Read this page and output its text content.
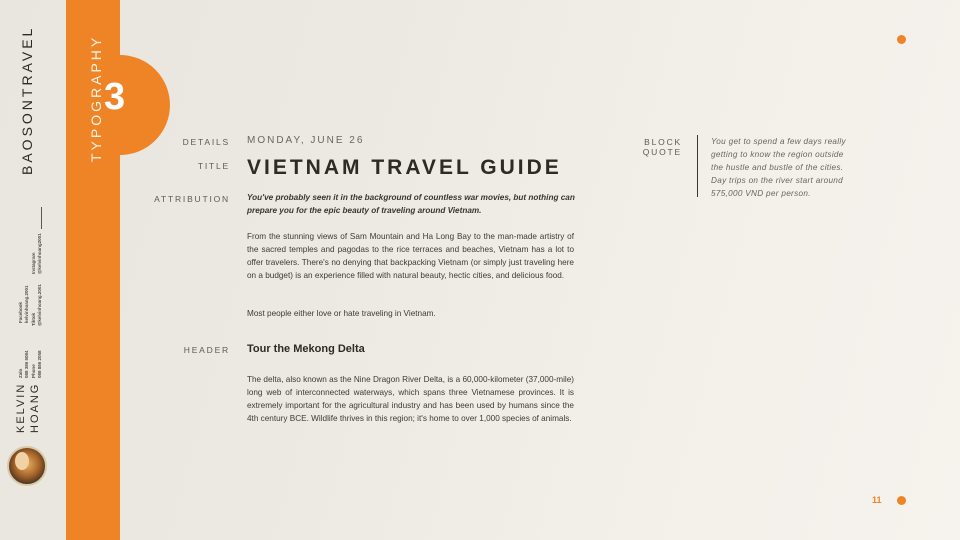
BAOSONTRAVEL
Instagram @kelvinhoang2001
Facebook kelvinhoang.2001 Tiktok @kelvinhoang.2001
Zalo 088 386 5084 Phone 088 886 2058
KELVIN HOANG
TYPOGRAPHY 3
DETAILS
TITLE
ATTRIBUTION
HEADER
BLOCK QUOTE
MONDAY, JUNE 26
VIETNAM TRAVEL GUIDE
You've probably seen it in the background of countless war movies, but nothing can prepare you for the epic beauty of traveling around Vietnam.
From the stunning views of Sam Mountain and Ha Long Bay to the man-made artistry of the sacred temples and pagodas to the rice terraces and beaches, Vietnam has a lot to offer travelers. There's no denying that backpacking Vietnam (or simply just traveling here on a budget) is an experience filled with natural beauty, hectic cities, and delicious food.
Most people either love or hate traveling in Vietnam.
Tour the Mekong Delta
The delta, also known as the Nine Dragon River Delta, is a 60,000-kilometer (37,000-mile) long web of interconnected waterways, which spans three Vietnamese provinces. It is extremely important for the agricultural industry and has been used by humans since the 4th century BCE. Wildlife thrives in this region; it's home to over 1,000 species of animals.
You get to spend a few days really getting to know the region outside the hustle and bustle of the cities. Day trips on the river start around 575,000 VND per person.
11
